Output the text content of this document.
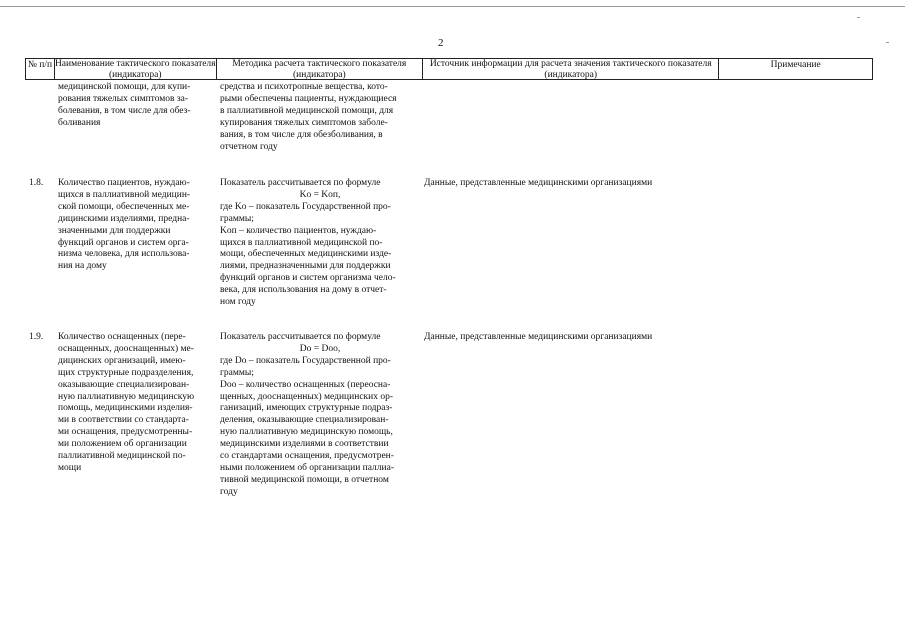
2
№ п/п Наименование тактического показателя (индикатора)
Методика расчета тактического показателя (индикатора)
Источник информации для расчета значения тактического показателя (индикатора)
Примечание
медицинской помощи, для купи-
рования тяжелых симптомов за-
болевания, в том числе для обез-
боливания
средства и психотропные вещества, кото-
рыми обеспечены пациенты, нуждающиеся
в паллиативной медицинской помощи, для
купирования тяжелых симптомов заболе-
вания, в том числе для обезболивания, в
отчетном году
1.8. Количество пациентов, нуждаю-
щихся в паллиативной медицин-
ской помощи, обеспеченных ме-
дицинскими изделиями, предна-
значенными для поддержки
функций органов и систем орга-
низма человека, для использова-
ния на дому
Показатель рассчитывается по формуле
Ko = Koп,
где Ko – показатель Государственной про-
граммы;
Koп – количество пациентов, нуждаю-
щихся в паллиативной медицинской по-
мощи, обеспеченных медицинскими изде-
лиями, предназначенными для поддержки
функций органов и систем организма чело-
века, для использования на дому в отчет-
ном году
Данные, представленные медицинскими организациями
1.9. Количество оснащенных (пере-
оснащенных, дооснащенных) ме-
дицинских организаций, имею-
щих структурные подразделения,
оказывающие специализирован-
ную паллиативную медицинскую
помощь, медицинскими изделия-
ми в соответствии со стандарта-
ми оснащения, предусмотренны-
ми положением об организации
паллиативной медицинской по-
мощи
Показатель рассчитывается по формуле
Do = Doo,
где Do – показатель Государственной про-
граммы;
Doo – количество оснащенных (переосна-
щенных, дооснащенных) медицинских ор-
ганизаций, имеющих структурные подраз-
деления, оказывающие специализирован-
ную паллиативную медицинскую помощь,
медицинскими изделиями в соответствии
со стандартами оснащения, предусмотрен-
ными положением об организации паллиа-
тивной медицинской помощи, в отчетном
году
Данные, представленные медицинскими организациями
